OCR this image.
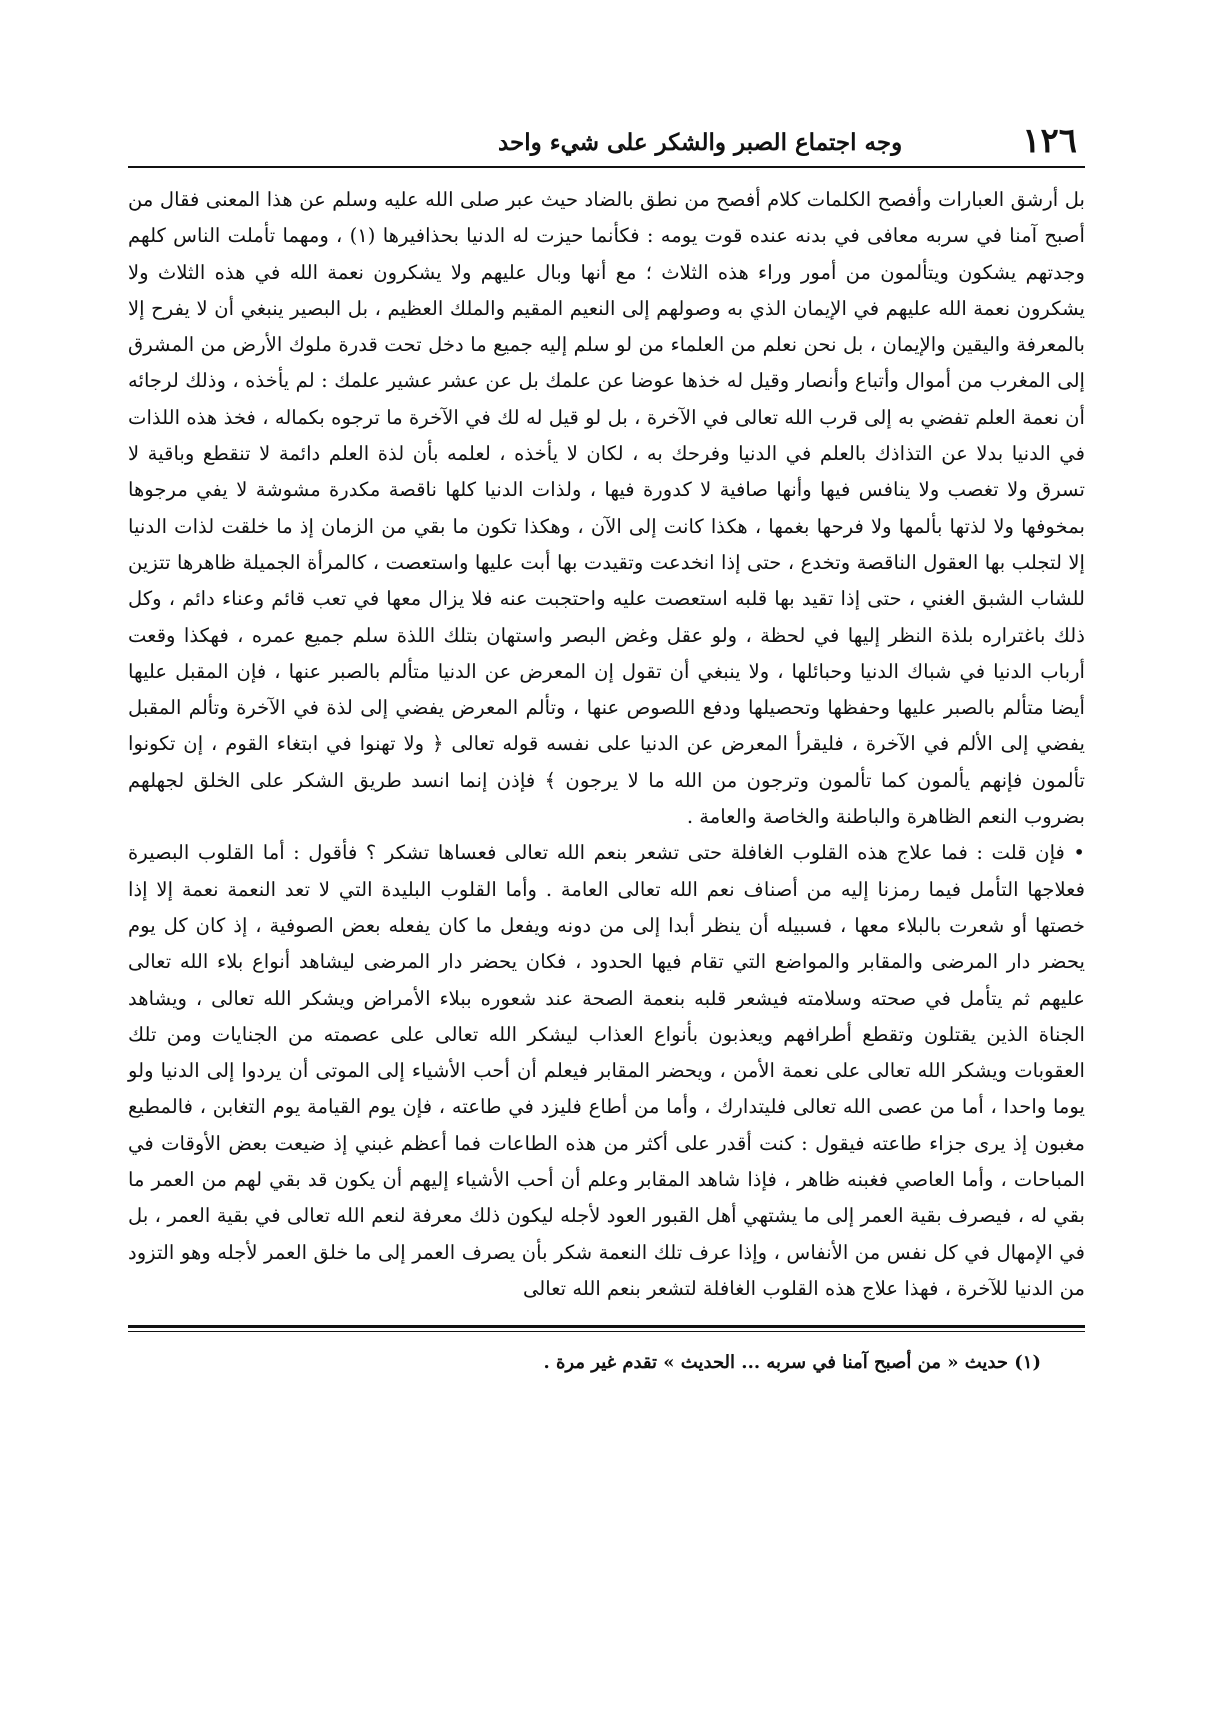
١٢٦
وجه اجتماع الصبر والشكر على شيء واحد

بل أرشق العبارات وأفصح الكلمات كلام أفصح من نطق بالضاد حيث عبر صلى الله عليه وسلم عن هذا المعنى فقال من أصبح آمنا في سربه معافى في بدنه عنده قوت يومه : فكأنما حيزت له الدنيا بحذافيرها (١) ، ومهما تأملت الناس كلهم وجدتهم يشكون ويتألمون من أمور وراء هذه الثلاث ؛ مع أنها وبال عليهم ولا يشكرون نعمة الله في هذه الثلاث ولا يشكرون نعمة الله عليهم في الإيمان الذي به وصولهم إلى النعيم المقيم والملك العظيم ، بل البصير ينبغي أن لا يفرح إلا بالمعرفة واليقين والإيمان ، بل نحن نعلم من العلماء من لو سلم إليه جميع ما دخل تحت قدرة ملوك الأرض من المشرق إلى المغرب من أموال وأتباع وأنصار وقيل له خذها عوضا عن علمك بل عن عشر عشير علمك : لم يأخذه ، وذلك لرجائه أن نعمة العلم تفضي به إلى قرب الله تعالى في الآخرة ، بل لو قيل له لك في الآخرة ما ترجوه بكماله ، فخذ هذه اللذات في الدنيا بدلا عن التذاذك بالعلم في الدنيا وفرحك به ، لكان لا يأخذه ، لعلمه بأن لذة العلم دائمة لا تنقطع وباقية لا تسرق ولا تغصب ولا ينافس فيها وأنها صافية لا كدورة فيها ، ولذات الدنيا كلها ناقصة مكدرة مشوشة لا يفي مرجوها بمخوفها ولا لذتها بألمها ولا فرحها بغمها ، هكذا كانت إلى الآن ، وهكذا تكون ما بقي من الزمان إذ ما خلقت لذات الدنيا إلا لتجلب بها العقول الناقصة وتخدع ، حتى إذا انخدعت وتقيدت بها أبت عليها واستعصت ، كالمرأة الجميلة ظاهرها تتزين للشاب الشبق الغني ، حتى إذا تقيد بها قلبه استعصت عليه واحتجبت عنه فلا يزال معها في تعب قائم وعناء دائم ، وكل ذلك باغتراره بلذة النظر إليها في لحظة ، ولو عقل وغض البصر واستهان بتلك اللذة سلم جميع عمره ، فهكذا وقعت أرباب الدنيا في شباك الدنيا وحبائلها ، ولا ينبغي أن تقول إن المعرض عن الدنيا متألم بالصبر عنها ، فإن المقبل عليها أيضا متألم بالصبر عليها وحفظها وتحصيلها ودفع اللصوص عنها ، وتألم المعرض يفضي إلى لذة في الآخرة وتألم المقبل يفضي إلى الألم في الآخرة ، فليقرأ المعرض عن الدنيا على نفسه قوله تعالى ﴿ ولا تهنوا في ابتغاء القوم ، إن تكونوا تألمون فإنهم يألمون كما تألمون وترجون من الله ما لا يرجون ﴾ فإذن إنما انسد طريق الشكر على الخلق لجهلهم بضروب النعم الظاهرة والباطنة والخاصة والعامة .

• فإن قلت : فما علاج هذه القلوب الغافلة حتى تشعر بنعم الله تعالى فعساها تشكر ؟ فأقول : أما القلوب البصيرة فعلاجها التأمل فيما رمزنا إليه من أصناف نعم الله تعالى العامة . وأما القلوب البليدة التي لا تعد النعمة نعمة إلا إذا خصتها أو شعرت بالبلاء معها ، فسبيله أن ينظر أبدا إلى من دونه ويفعل ما كان يفعله بعض الصوفية ، إذ كان كل يوم يحضر دار المرضى والمقابر والمواضع التي تقام فيها الحدود ، فكان يحضر دار المرضى ليشاهد أنواع بلاء الله تعالى عليهم ثم يتأمل في صحته وسلامته فيشعر قلبه بنعمة الصحة عند شعوره ببلاء الأمراض ويشكر الله تعالى ، ويشاهد الجناة الذين يقتلون وتقطع أطرافهم ويعذبون بأنواع العذاب ليشكر الله تعالى على عصمته من الجنايات ومن تلك العقوبات ويشكر الله تعالى على نعمة الأمن ، ويحضر المقابر فيعلم أن أحب الأشياء إلى الموتى أن يردوا إلى الدنيا ولو يوما واحدا ، أما من عصى الله تعالى فليتدارك ، وأما من أطاع فليزد في طاعته ، فإن يوم القيامة يوم التغابن ، فالمطيع مغبون إذ يرى جزاء طاعته فيقول : كنت أقدر على أكثر من هذه الطاعات فما أعظم غبني إذ ضيعت بعض الأوقات في المباحات ، وأما العاصي فغبنه ظاهر ، فإذا شاهد المقابر وعلم أن أحب الأشياء إليهم أن يكون قد بقي لهم من العمر ما بقي له ، فيصرف بقية العمر إلى ما يشتهي أهل القبور العود لأجله ليكون ذلك معرفة لنعم الله تعالى في بقية العمر ، بل في الإمهال في كل نفس من الأنفاس ، وإذا عرف تلك النعمة شكر بأن يصرف العمر إلى ما خلق العمر لأجله وهو التزود من الدنيا للآخرة ، فهذا علاج هذه القلوب الغافلة لتشعر بنعم الله تعالى

(١) حديث « من أصبح آمنا في سربه ... الحديث » تقدم غير مرة .
